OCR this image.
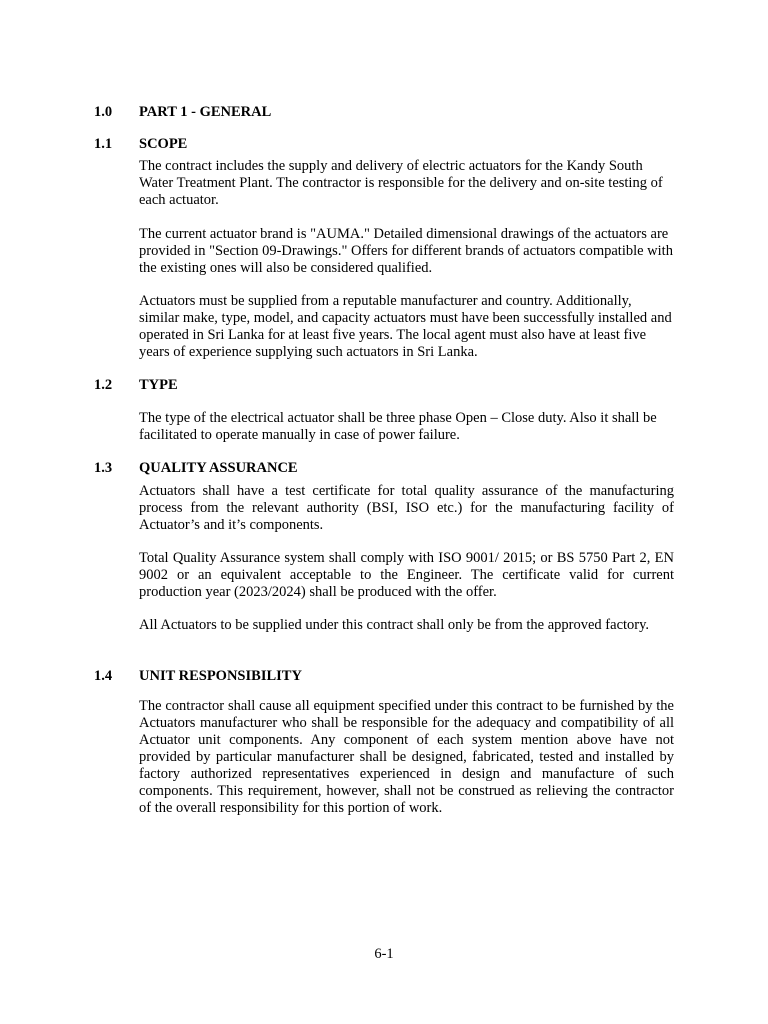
1.0 PART 1 - GENERAL
1.1 SCOPE

The contract includes the supply and delivery of electric actuators for the Kandy South Water Treatment Plant. The contractor is responsible for the delivery and on-site testing of each actuator.

The current actuator brand is "AUMA." Detailed dimensional drawings of the actuators are provided in "Section 09-Drawings." Offers for different brands of actuators compatible with the existing ones will also be considered qualified.

Actuators must be supplied from a reputable manufacturer and country. Additionally, similar make, type, model, and capacity actuators must have been successfully installed and operated in Sri Lanka for at least five years. The local agent must also have at least five years of experience supplying such actuators in Sri Lanka.

1.2 TYPE

The type of the electrical actuator shall be three phase Open – Close duty. Also it shall be facilitated to operate manually in case of power failure.

1.3 QUALITY ASSURANCE

Actuators shall have a test certificate for total quality assurance of the manufacturing process from the relevant authority (BSI, ISO etc.) for the manufacturing facility of Actuator’s and it’s components.

Total Quality Assurance system shall comply with ISO 9001/ 2015; or BS 5750 Part 2, EN 9002 or an equivalent acceptable to the Engineer. The certificate valid for current production year (2023/2024) shall be produced with the offer.

All Actuators to be supplied under this contract shall only be from the approved factory.

1.4 UNIT RESPONSIBILITY

The contractor shall cause all equipment specified under this contract to be furnished by the Actuators manufacturer who shall be responsible for the adequacy and compatibility of all Actuator unit components. Any component of each system mention above have not provided by particular manufacturer shall be designed, fabricated, tested and installed by factory authorized representatives experienced in design and manufacture of such components. This requirement, however, shall not be construed as relieving the contractor of the overall responsibility for this portion of work.

6-1
